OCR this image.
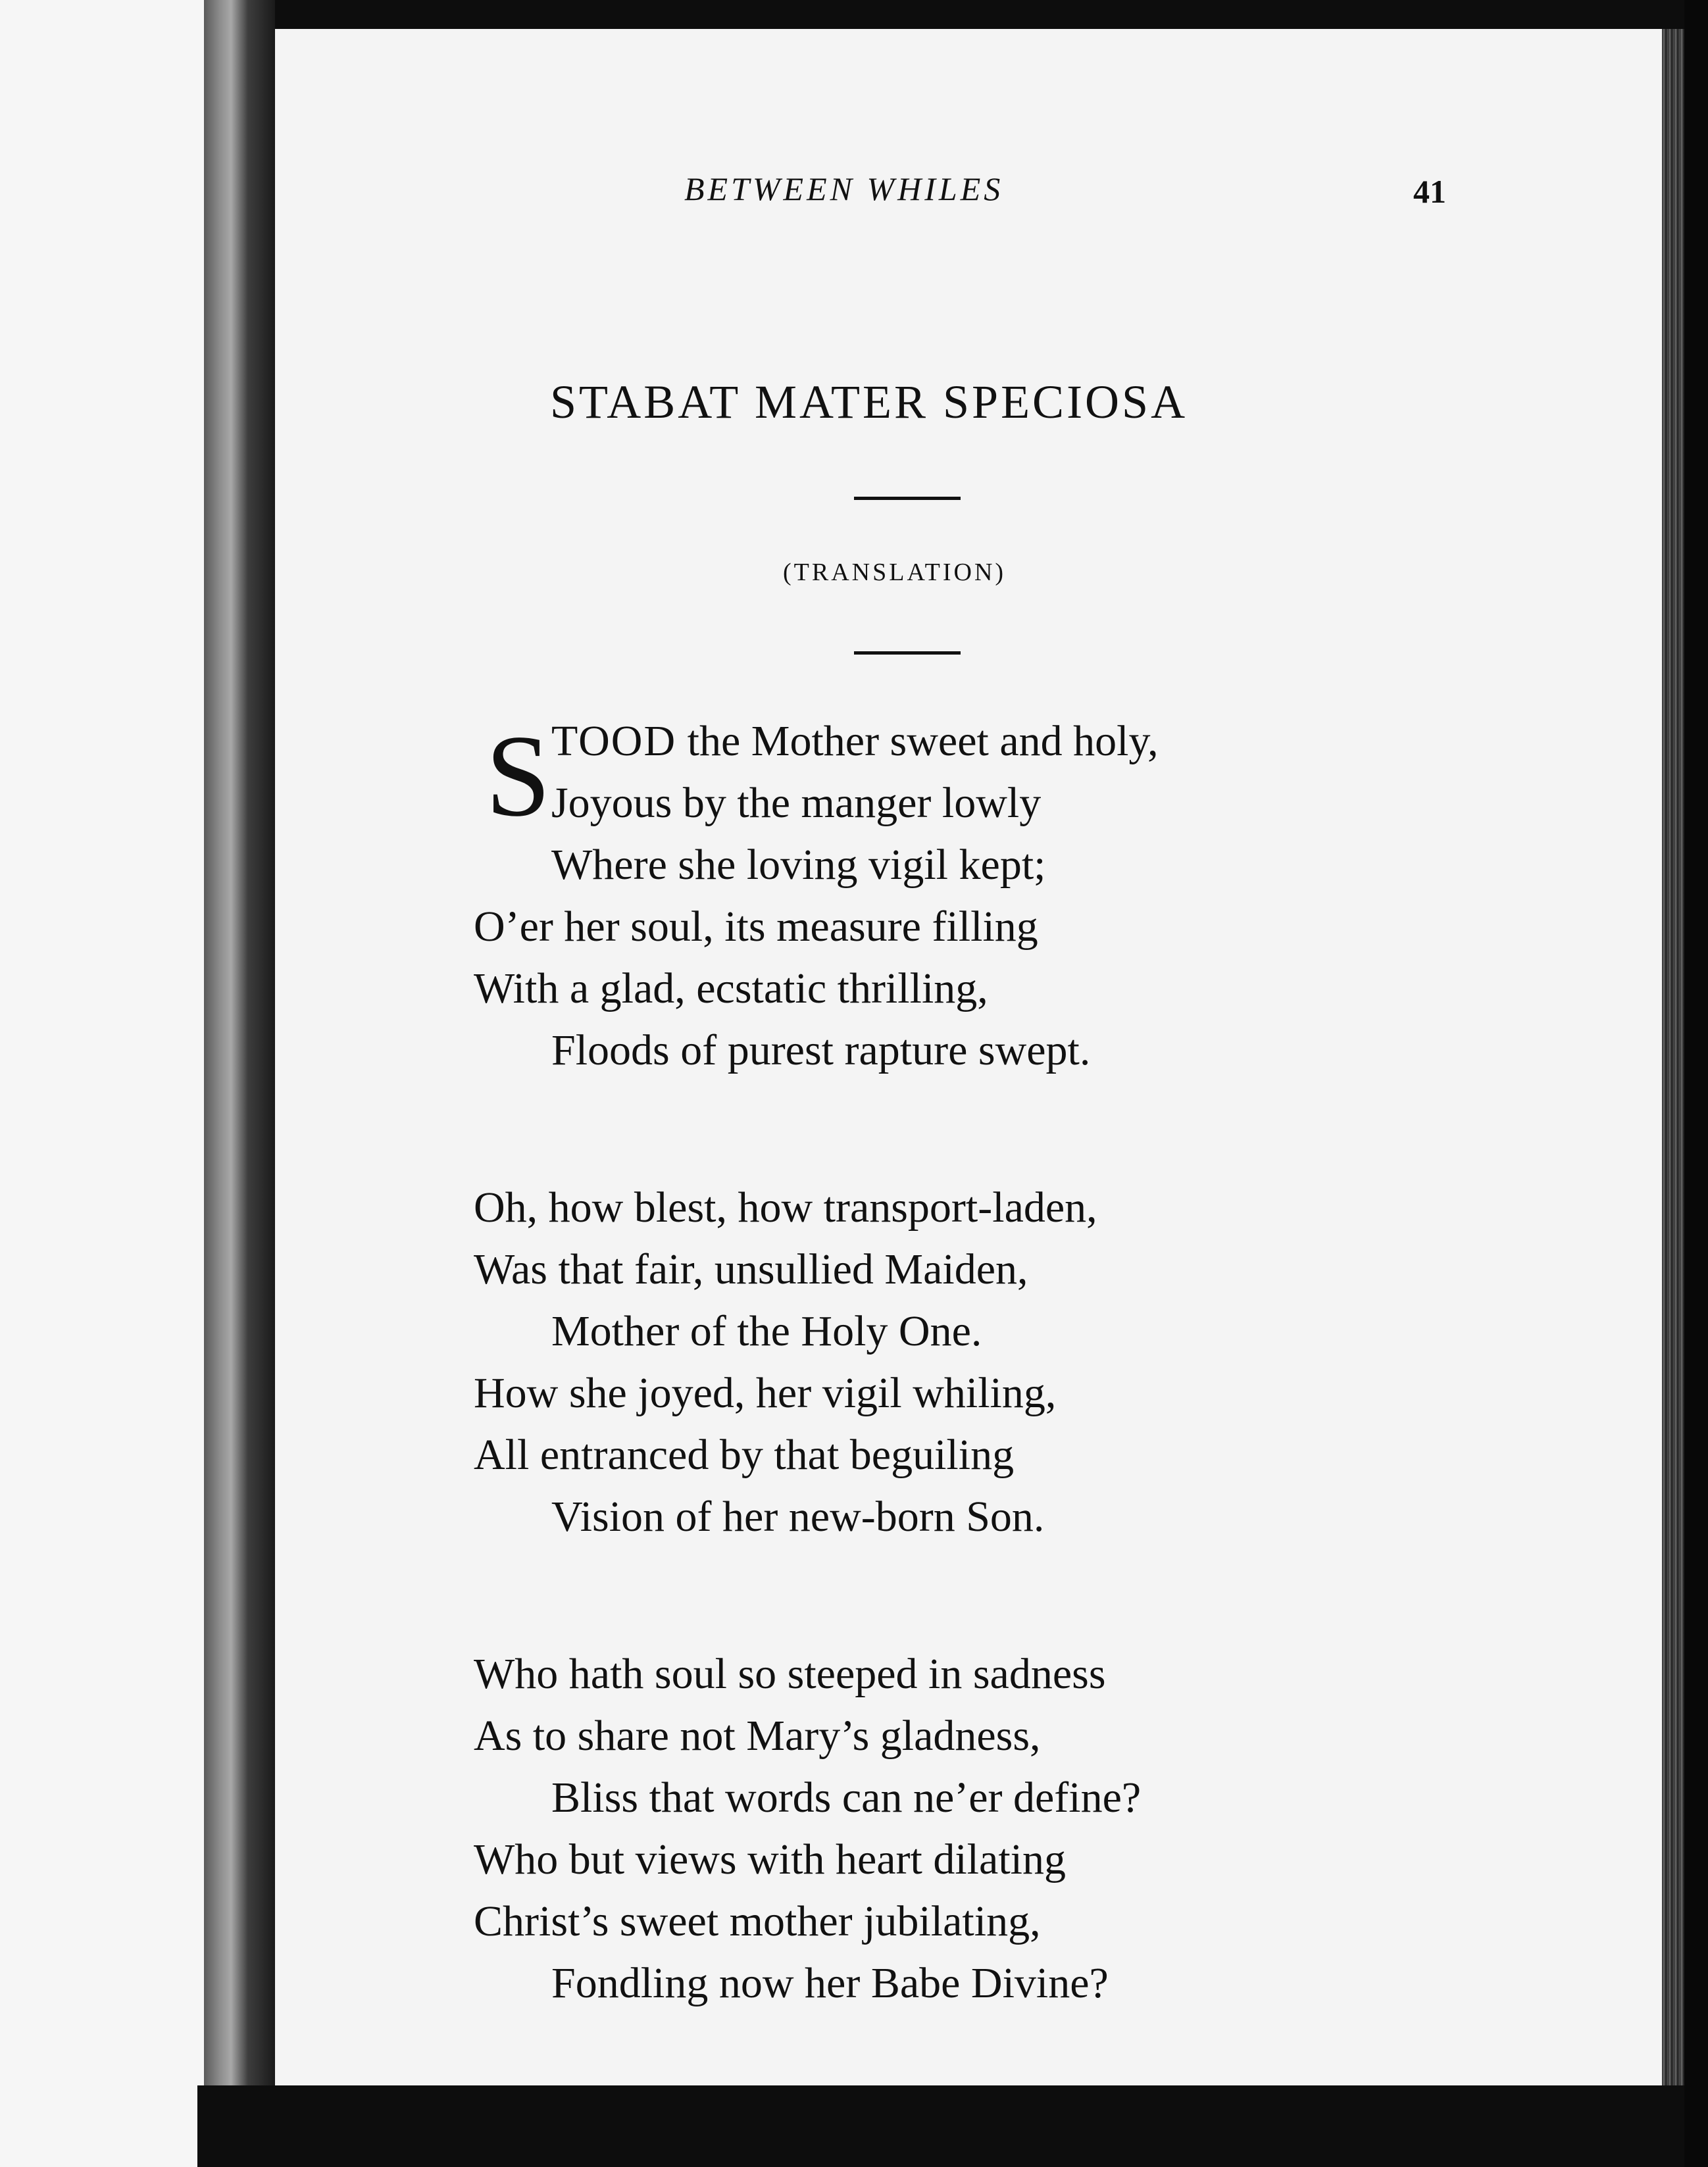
BETWEEN WHILES	41
STABAT MATER SPECIOSA
(TRANSLATION)
S TOOD the Mother sweet and holy,
Joyous by the manger lowly
Where she loving vigil kept;
O’er her soul, its measure filling
With a glad, ecstatic thrilling,
Floods of purest rapture swept.
Oh, how blest, how transport-laden,
Was that fair, unsullied Maiden,
Mother of the Holy One.
How she joyed, her vigil whiling,
All entranced by that beguiling
Vision of her new-born Son.
Who hath soul so steeped in sadness
As to share not Mary’s gladness,
Bliss that words can ne’er define?
Who but views with heart dilating
Christ’s sweet mother jubilating,
Fondling now her Babe Divine?
